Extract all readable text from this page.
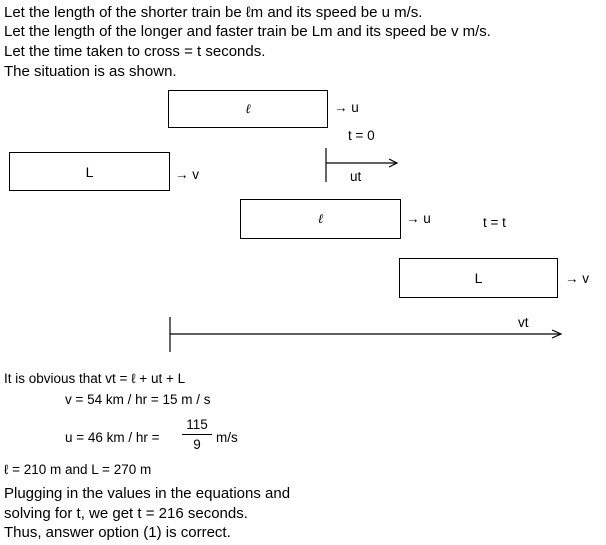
Let the length of the shorter train be ℓm and its speed be u m/s.
Let the length of the longer and faster train be Lm and its speed be v m/s.
Let the time taken to cross = t seconds.
The situation is as shown.
ℓ	→ u
t = 0
L	→ v	ut
ℓ	→ u	t = t
L	→ v
vt
It is obvious that vt = ℓ + ut + L
v = 54 km / hr = 15 m / s
u = 46 km / hr =
115
9	m/s
ℓ = 210 m and L = 270 m
Plugging in the values in the equations and
solving for t, we get t = 216 seconds.
Thus, answer option (1) is correct.
